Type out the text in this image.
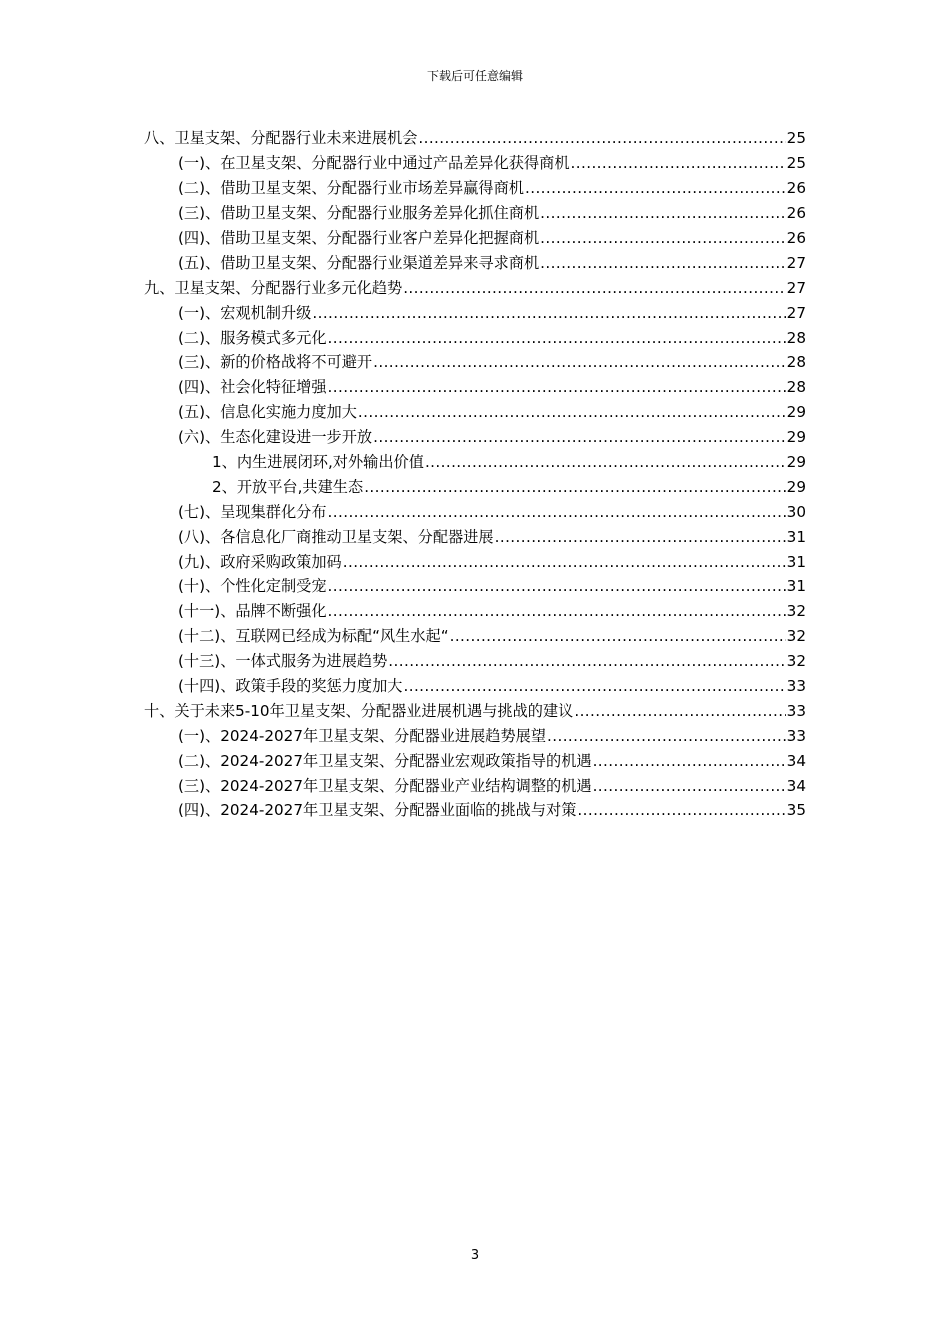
下载后可任意编辑
八、卫星支架、分配器行业未来进展机会 .....	25
(一)、在卫星支架、分配器行业中通过产品差异化获得商机 .....	25
(二)、借助卫星支架、分配器行业市场差异赢得商机 .....	26
(三)、借助卫星支架、分配器行业服务差异化抓住商机 .....	26
(四)、借助卫星支架、分配器行业客户差异化把握商机 .....	26
(五)、借助卫星支架、分配器行业渠道差异来寻求商机 .....	27
九、卫星支架、分配器行业多元化趋势 .....	27
(一)、宏观机制升级 .....	27
(二)、服务模式多元化 .....	28
(三)、新的价格战将不可避开 .....	28
(四)、社会化特征增强 .....	28
(五)、信息化实施力度加大 .....	29
(六)、生态化建设进一步开放 .....	29
1、内生进展闭环,对外输出价值 .....	29
2、开放平台,共建生态 .....	29
(七)、呈现集群化分布 .....	30
(八)、各信息化厂商推动卫星支架、分配器进展 .....	31
(九)、政府采购政策加码 .....	31
(十)、个性化定制受宠 .....	31
(十一)、品牌不断强化 .....	32
(十二)、互联网已经成为标配“风生水起“ .....	32
(十三)、一体式服务为进展趋势 .....	32
(十四)、政策手段的奖惩力度加大 .....	33
十、关于未来5-10年卫星支架、分配器业进展机遇与挑战的建议 .....	33
(一)、2024-2027年卫星支架、分配器业进展趋势展望 .....	33
(二)、2024-2027年卫星支架、分配器业宏观政策指导的机遇 .....	34
(三)、2024-2027年卫星支架、分配器业产业结构调整的机遇 .....	34
(四)、2024-2027年卫星支架、分配器业面临的挑战与对策 .....	35
3
